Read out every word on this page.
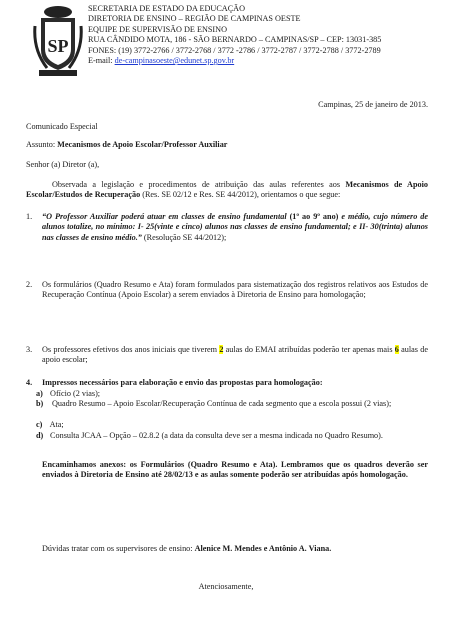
SP
SECRETARIA DE ESTADO DA EDUCAÇÃO
DIRETORIA DE ENSINO – REGIÃO DE CAMPINAS OESTE
EQUIPE DE SUPERVISÃO DE ENSINO
RUA CÂNDIDO MOTA, 186 - SÃO BERNARDO – CAMPINAS/SP – CEP: 13031-385
FONES: (19) 3772-2766 / 3772-2768 / 3772 -2786 / 3772-2787 / 3772-2788 / 3772-2789
E-mail: de-campinasoeste@edunet.sp.gov.br
Campinas, 25 de janeiro de 2013.
Comunicado Especial
Assunto: Mecanismos de Apoio Escolar/Professor Auxiliar
Senhor (a) Diretor (a),
Observada a legislação e procedimentos de atribuição das aulas referentes aos Mecanismos de Apoio Escolar/Estudos de Recuperação (Res. SE 02/12 e Res. SE 44/2012), orientamos o que segue:
1. “O Professor Auxiliar poderá atuar em classes de ensino fundamental (1º ao 9º ano) e médio, cujo número de alunos totalize, no mínimo: I- 25(vinte e cinco) alunos nas classes de ensino fundamental; e II- 30(trinta) alunos nas classes de ensino médio.” (Resolução SE 44/2012);
2. Os formulários (Quadro Resumo e Ata) foram formulados para sistematização dos registros relativos aos Estudos de Recuperação Contínua (Apoio Escolar) a serem enviados à Diretoria de Ensino para homologação;
3. Os professores efetivos dos anos iniciais que tiverem 2 aulas do EMAI atribuídas poderão ter apenas mais 6 aulas de apoio escolar;
4. Impressos necessários para elaboração e envio das propostas para homologação:
a) Ofício (2 vias);
b)	Quadro Resumo – Apoio Escolar/Recuperação Contínua de cada segmento que a escola possui (2 vias);
c) Ata;
d) Consulta JCAA – Opção – 02.8.2 (a data da consulta deve ser a mesma indicada no Quadro Resumo).
Encaminhamos anexos: os Formulários (Quadro Resumo e Ata). Lembramos que os quadros deverão ser enviados à Diretoria de Ensino até 28/02/13 e as aulas somente poderão ser atribuídas após homologação.
Dúvidas tratar com os supervisores de ensino: Alenice M. Mendes e Antônio A. Viana.
Atenciosamente,
